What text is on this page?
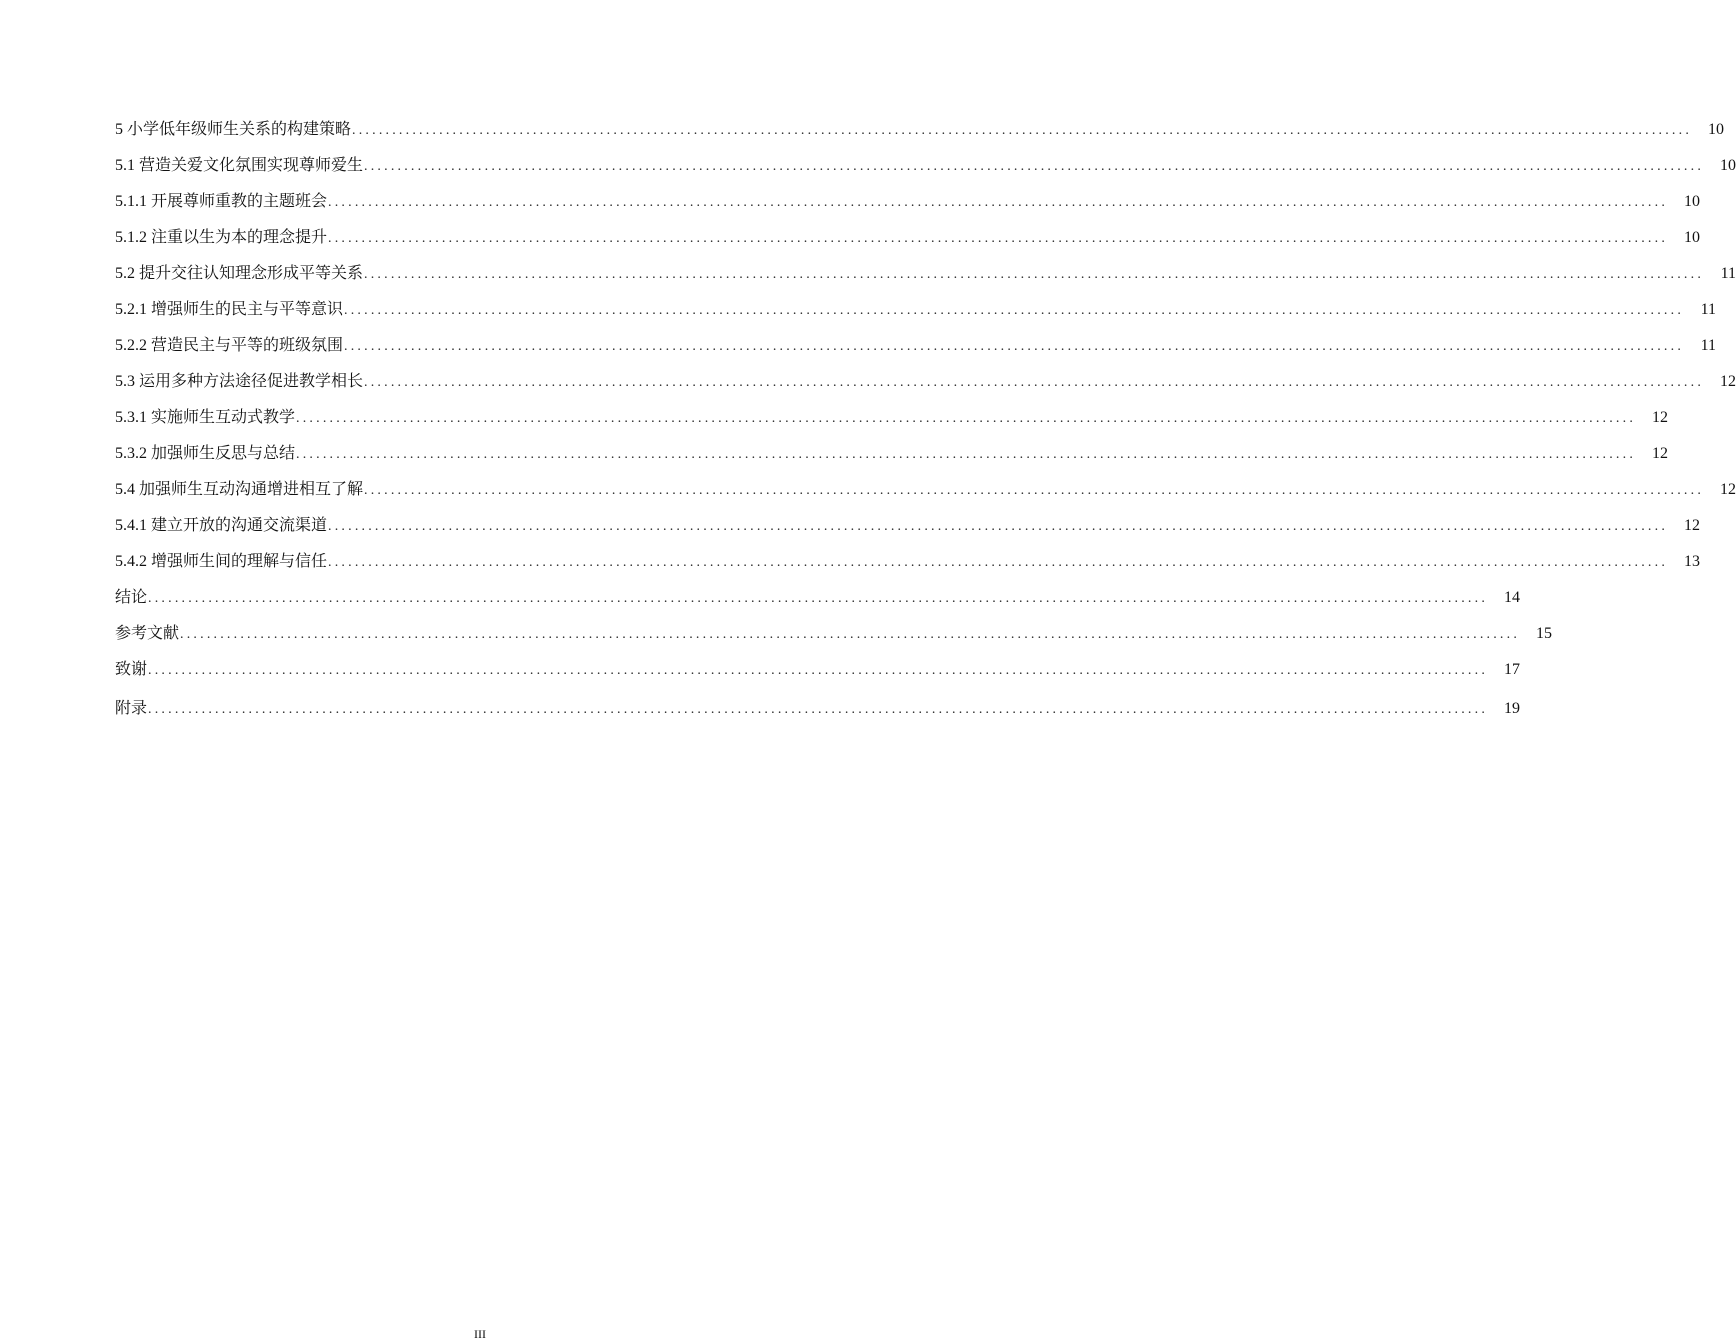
5 小学低年级师生关系的构建策略 ........................................................................................................................................................................................................	10
5.1 营造关爱文化氛围实现尊师爱生 ........................................................................................................................................................................................................	10
5.1.1 开展尊师重教的主题班会 ........................................................................................................................................................................................................	10
5.1.2 注重以生为本的理念提升 ........................................................................................................................................................................................................	10
5.2 提升交往认知理念形成平等关系 ........................................................................................................................................................................................................	11
5.2.1 增强师生的民主与平等意识 ........................................................................................................................................................................................................	11
5.2.2 营造民主与平等的班级氛围 ........................................................................................................................................................................................................	11
5.3 运用多种方法途径促进教学相长 ........................................................................................................................................................................................................	12
5.3.1 实施师生互动式教学 ........................................................................................................................................................................................................	12
5.3.2 加强师生反思与总结 ........................................................................................................................................................................................................	12
5.4 加强师生互动沟通增进相互了解 ........................................................................................................................................................................................................	12
5.4.1 建立开放的沟通交流渠道 ........................................................................................................................................................................................................	12
5.4.2 增强师生间的理解与信任 ........................................................................................................................................................................................................	13
结论 ........................................................................................................................................................................................................	14
参考文献 ........................................................................................................................................................................................................	15
致谢 ........................................................................................................................................................................................................	17
附录 ........................................................................................................................................................................................................	19
III
